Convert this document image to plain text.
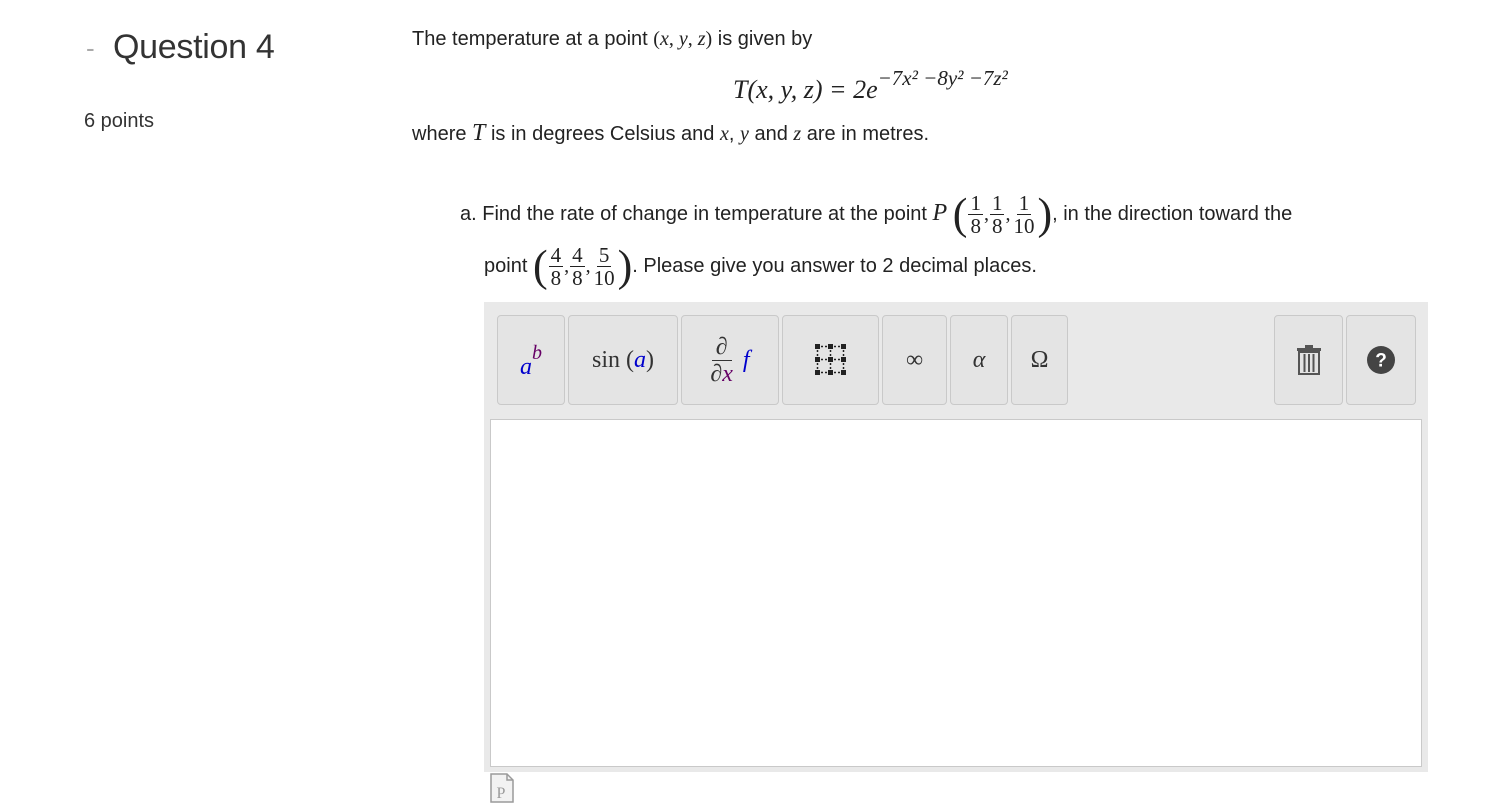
- Question 4
6 points
The temperature at a point (x, y, z) is given by
T(x, y, $z) = 2e^{-7x^2 -8y^2 -7z^2}$
where T is in degrees Celsius and x, y and z are in metres.
a. Find the rate of change in temperature at the point P ( $\frac{1}{8}$ , $\frac{1}{8}$ , $\frac{1}{10}$ ), in the direction toward the
point ( $\frac{4}{8}$ , $\frac{4}{8}$ , $\frac{5}{10}$ ). Please give you answer to 2 decimal places.
a
b sin (a)	∂
∂x
f	∞ α Ω	?
P
